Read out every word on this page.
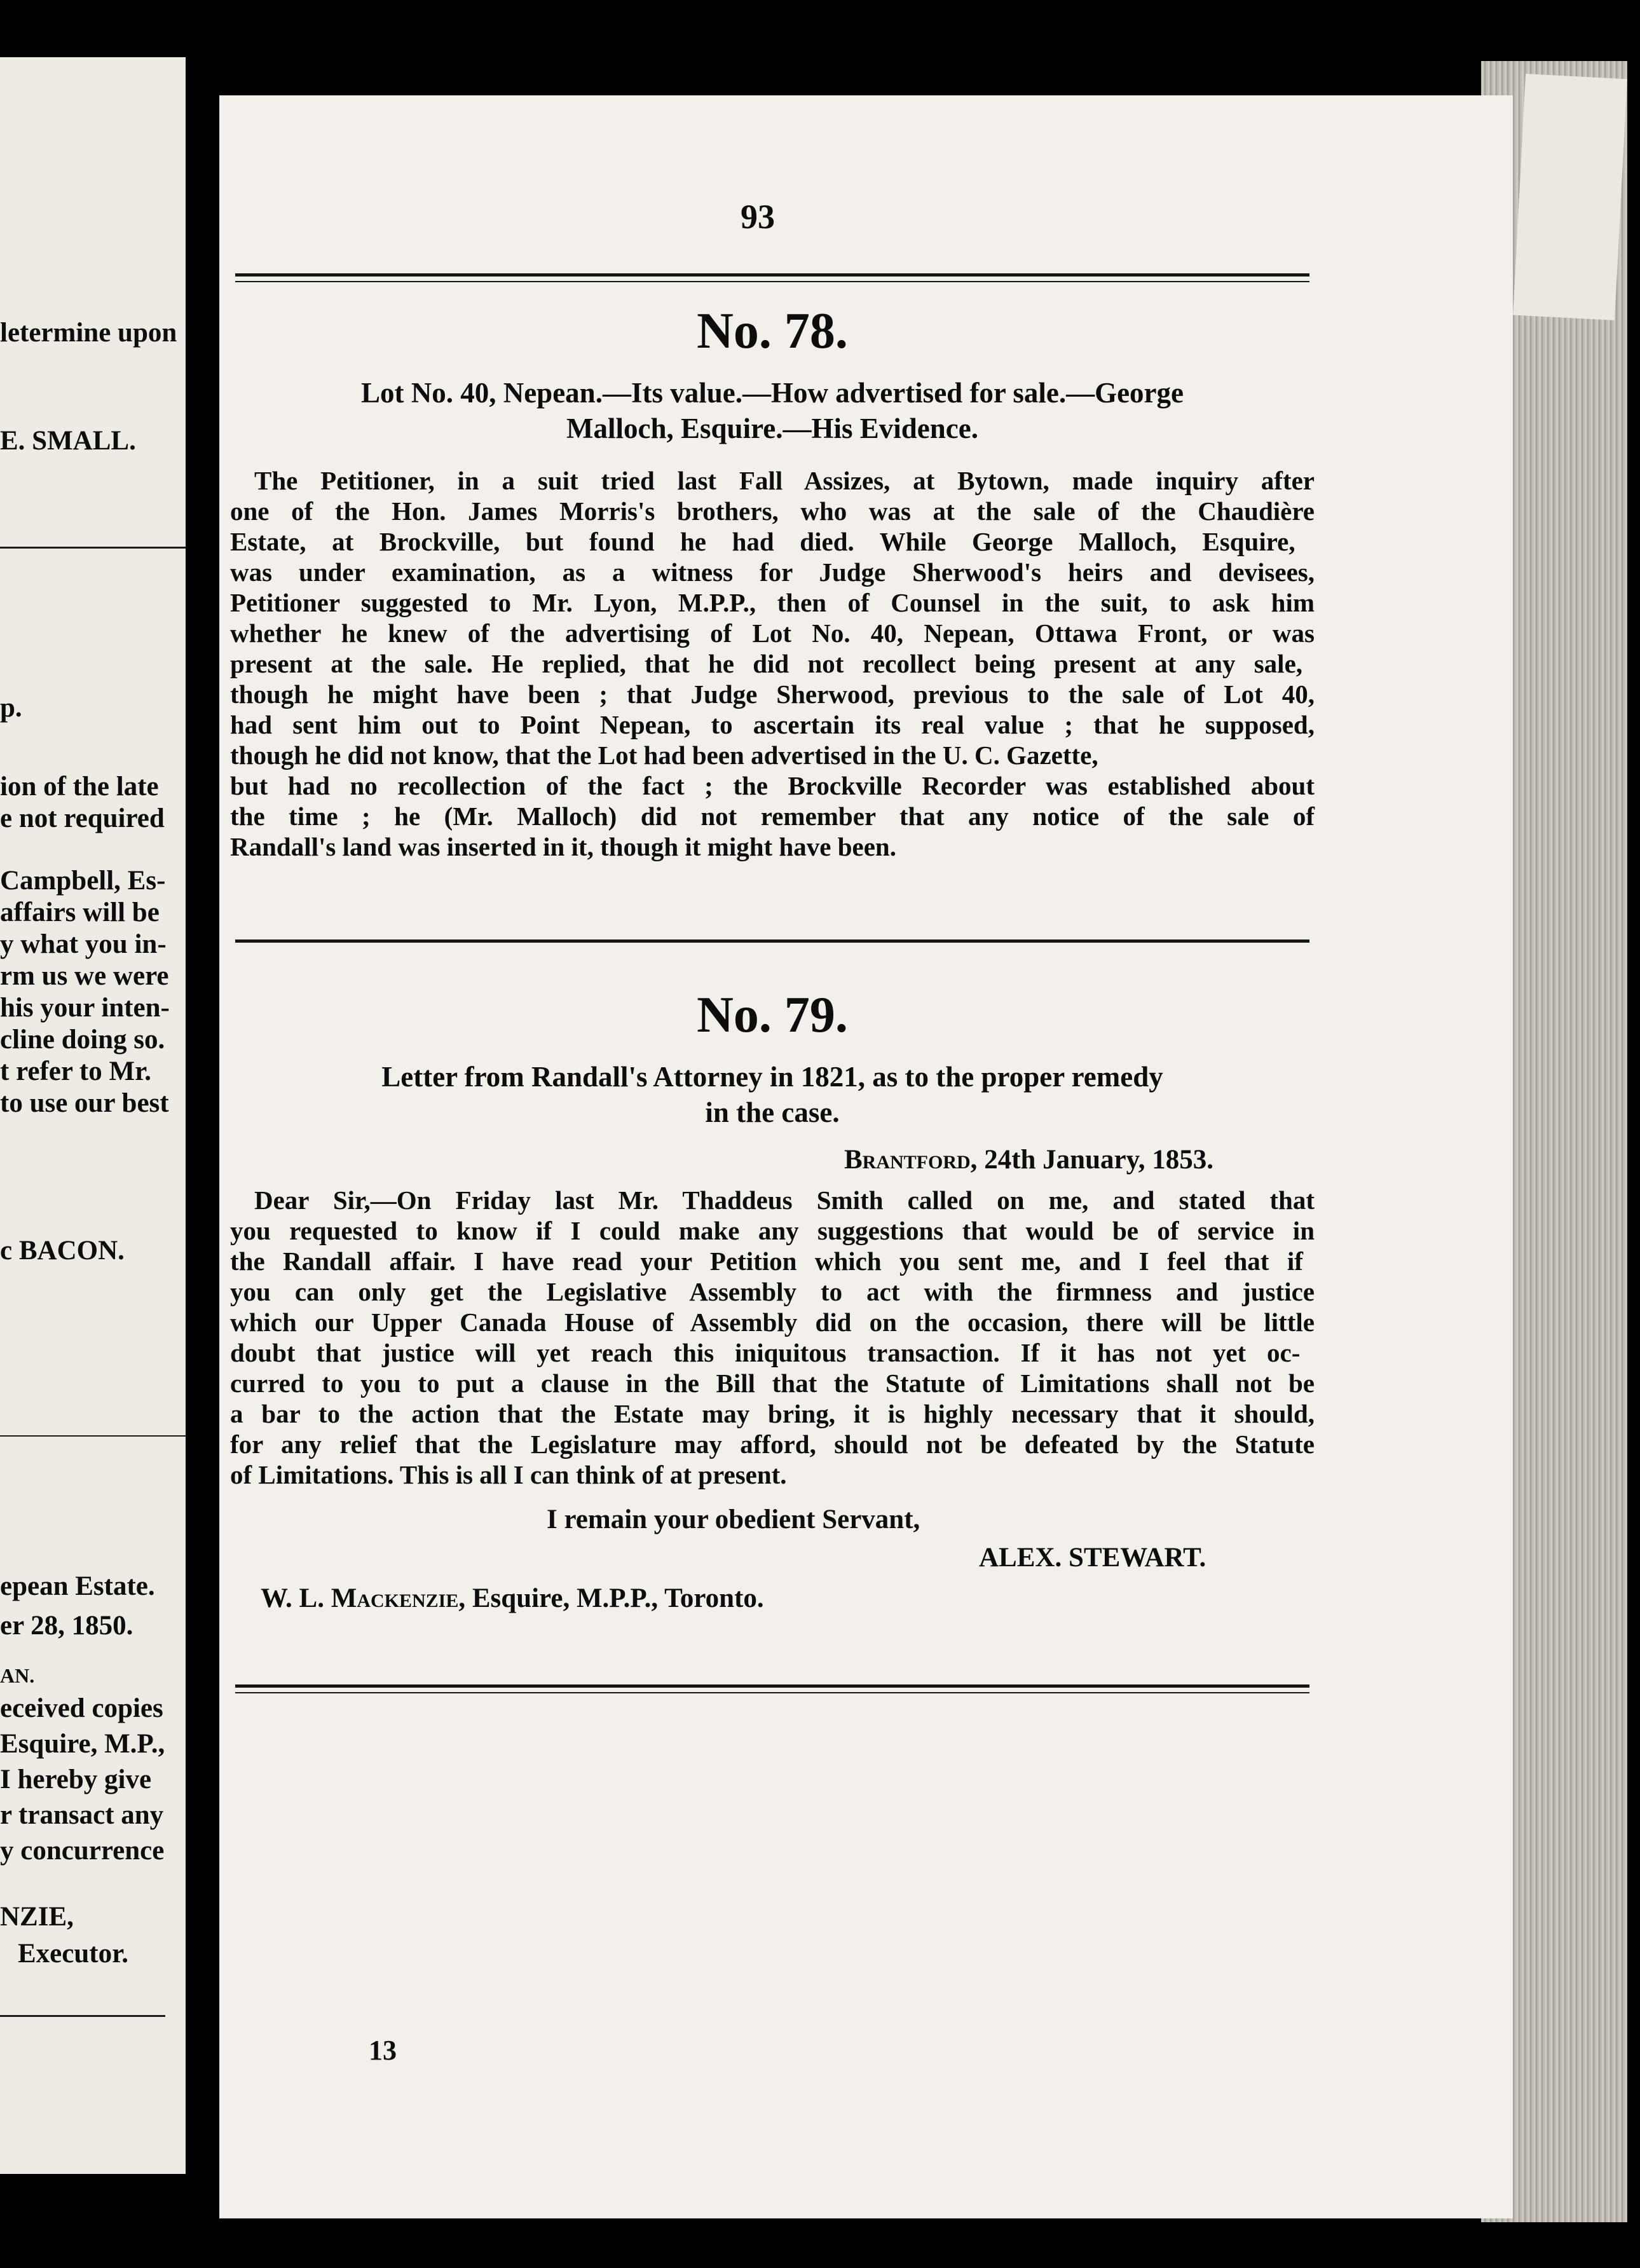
letermine upon
E. SMALL.
p.
ion of the late
e not required
Campbell, Es-
affairs will be
y what you in-
rm us we were
his your inten-
cline doing so.
t refer to Mr.
to use our best
c BACON.
epean Estate.
er 28, 1850.
AN.
eceived copies
Esquire, M.P.,
I hereby give
r transact any
y concurrence
NZIE,
Executor.
93
No. 78.
Lot No. 40, Nepean.—Its value.—How advertised for sale.—George
Malloch, Esquire.—His Evidence.
The Petitioner, in a suit tried last Fall Assizes, at Bytown, made inquiry after
one of the Hon. James Morris's brothers, who was at the sale of the Chaudière
Estate, at Brockville, but found he had died. While George Malloch, Esquire,
was under examination, as a witness for Judge Sherwood's heirs and devisees,
Petitioner suggested to Mr. Lyon, M.P.P., then of Counsel in the suit, to ask him
whether he knew of the advertising of Lot No. 40, Nepean, Ottawa Front, or was
present at the sale. He replied, that he did not recollect being present at any sale,
though he might have been ; that Judge Sherwood, previous to the sale of Lot 40,
had sent him out to Point Nepean, to ascertain its real value ; that he supposed,
though he did not know, that the Lot had been advertised in the U. C. Gazette,
but had no recollection of the fact ; the Brockville Recorder was established about
the time ; he (Mr. Malloch) did not remember that any notice of the sale of
Randall's land was inserted in it, though it might have been.
No. 79.
Letter from Randall's Attorney in 1821, as to the proper remedy
in the case.
Brantford, 24th January, 1853.
Dear Sir,—On Friday last Mr. Thaddeus Smith called on me, and stated that
you requested to know if I could make any suggestions that would be of service in
the Randall affair. I have read your Petition which you sent me, and I feel that if
you can only get the Legislative Assembly to act with the firmness and justice
which our Upper Canada House of Assembly did on the occasion, there will be little
doubt that justice will yet reach this iniquitous transaction. If it has not yet oc-
curred to you to put a clause in the Bill that the Statute of Limitations shall not be
a bar to the action that the Estate may bring, it is highly necessary that it should,
for any relief that the Legislature may afford, should not be defeated by the Statute
of Limitations. This is all I can think of at present.
I remain your obedient Servant,
ALEX. STEWART.
W. L. Mackenzie, Esquire, M.P.P., Toronto.
13
